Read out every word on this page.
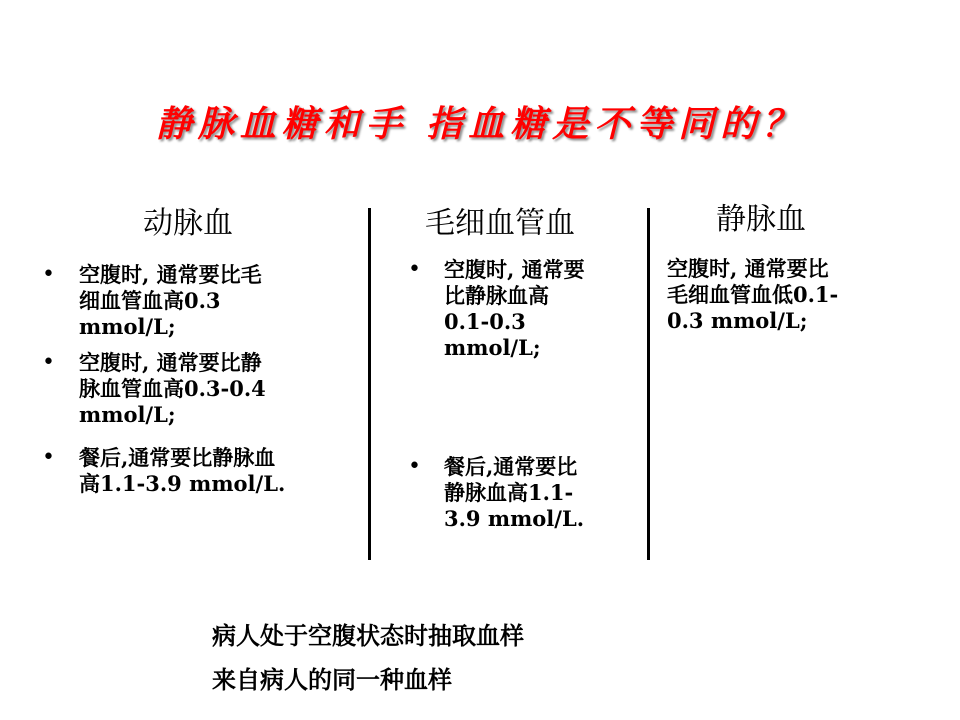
静脉血糖和手 指血糖是不等同的？
动脉血
• 空腹时, 通常要比毛
细血管血高0.3
mmol/L;
• 空腹时, 通常要比静
脉血管血高0.3-0.4
mmol/L;
• 餐后,通常要比静脉血
高1.1-3.9 mmol/L.
毛细血管血
• 空腹时, 通常要
比静脉血高
0.1-0.3
mmol/L;
• 餐后,通常要比
静脉血高1.1-
3.9 mmol/L.
静脉血
空腹时, 通常要比
毛细血管血低0.1-
0.3 mmol/L;
病人处于空腹状态时抽取血样
来自病人的同一种血样
